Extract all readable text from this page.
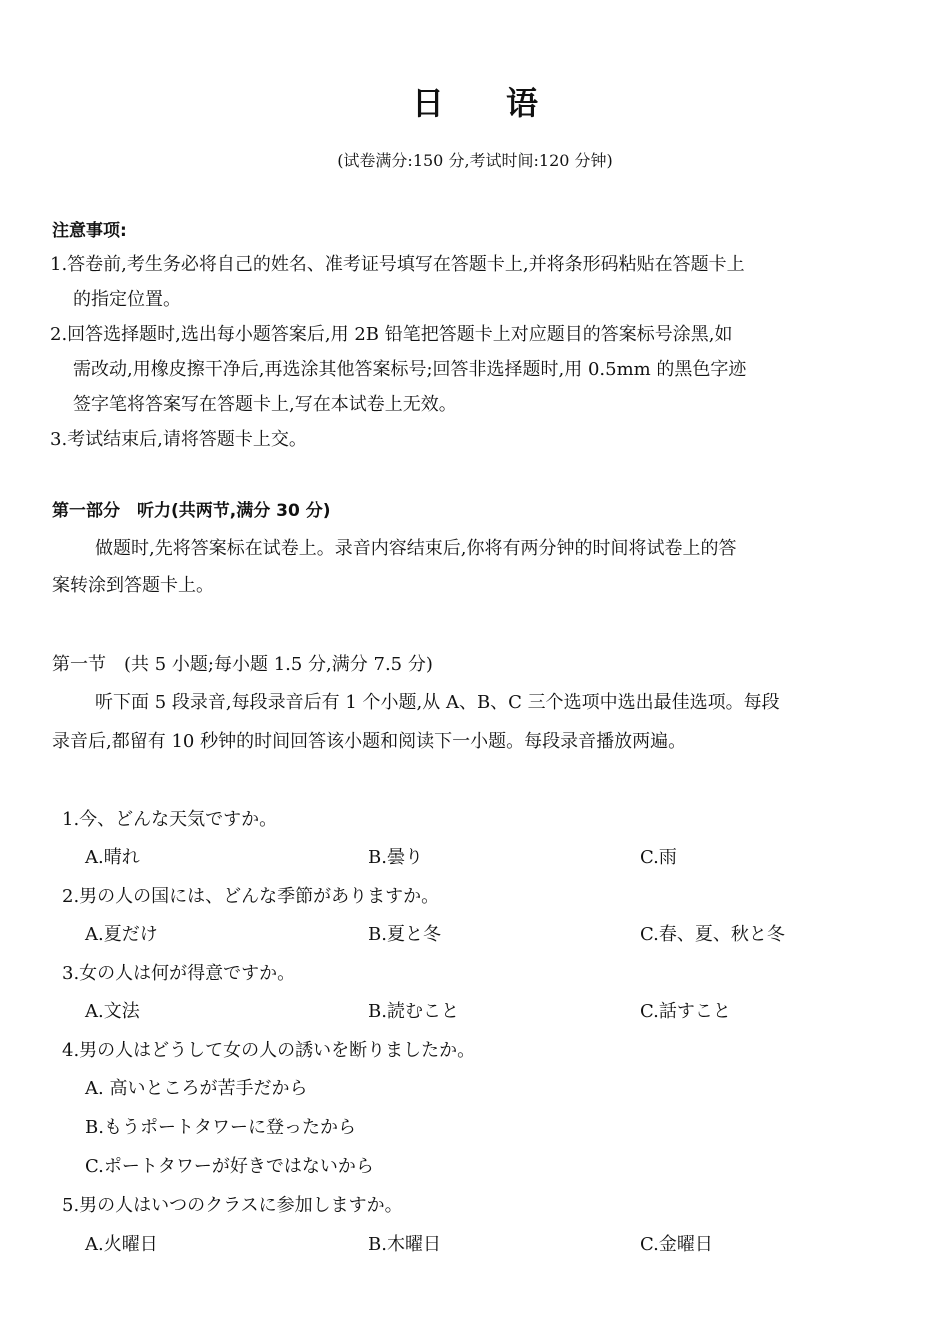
日语
(试卷满分:150 分,考试时间:120 分钟)
注意事项:
1.答卷前,考生务必将自己的姓名、准考证号填写在答题卡上,并将条形码粘贴在答题卡上
的指定位置。
2.回答选择题时,选出每小题答案后,用 2B 铅笔把答题卡上对应题目的答案标号涂黑,如
需改动,用橡皮擦干净后,再选涂其他答案标号;回答非选择题时,用 0.5mm 的黑色字迹
签字笔将答案写在答题卡上,写在本试卷上无效。
3.考试结束后,请将答题卡上交。
第一部分　听力(共两节,满分 30 分)
做题时,先将答案标在试卷上。录音内容结束后,你将有两分钟的时间将试卷上的答
案转涂到答题卡上。
第一节　(共 5 小题;每小题 1.5 分,满分 7.5 分)
听下面 5 段录音,每段录音后有 1 个小题,从 A、B、C 三个选项中选出最佳选项。每段
录音后,都留有 10 秒钟的时间回答该小题和阅读下一小题。每段录音播放两遍。
1.今、どんな天気ですか。
A.晴れ	B.曇り	C.雨
2.男の人の国には、どんな季節がありますか。
A.夏だけ	B.夏と冬	C.春、夏、秋と冬
3.女の人は何が得意ですか。
A.文法	B.読むこと	C.話すこと
4.男の人はどうして女の人の誘いを断りましたか。
A. 高いところが苦手だから
B.もうポートタワーに登ったから
C.ポートタワーが好きではないから
5.男の人はいつのクラスに参加しますか。
A.火曜日	B.木曜日	C.金曜日
